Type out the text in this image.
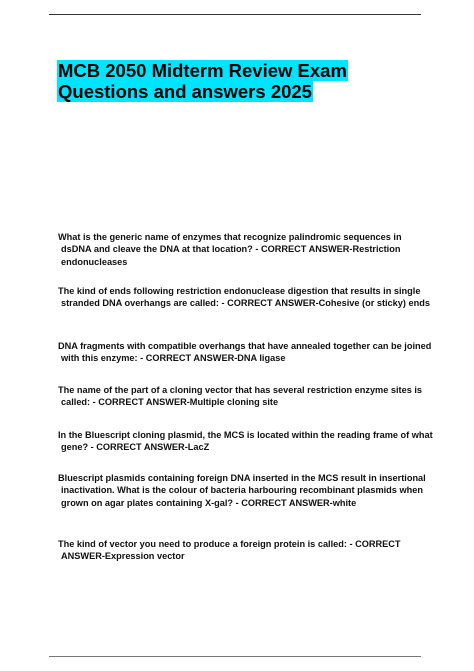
MCB 2050 Midterm Review Exam
Questions and answers 2025

What is the generic name of enzymes that recognize palindromic sequences in dsDNA and cleave the DNA at that location? - CORRECT ANSWER-Restriction endonucleases

The kind of ends following restriction endonuclease digestion that results in single stranded DNA overhangs are called: - CORRECT ANSWER-Cohesive (or sticky) ends

DNA fragments with compatible overhangs that have annealed together can be joined with this enzyme: - CORRECT ANSWER-DNA ligase

The name of the part of a cloning vector that has several restriction enzyme sites is called: - CORRECT ANSWER-Multiple cloning site

In the Bluescript cloning plasmid, the MCS is located within the reading frame of what gene? - CORRECT ANSWER-LacZ

Bluescript plasmids containing foreign DNA inserted in the MCS result in insertional inactivation. What is the colour of bacteria harbouring recombinant plasmids when grown on agar plates containing X-gal? - CORRECT ANSWER-white

The kind of vector you need to produce a foreign protein is called: - CORRECT ANSWER-Expression vector
